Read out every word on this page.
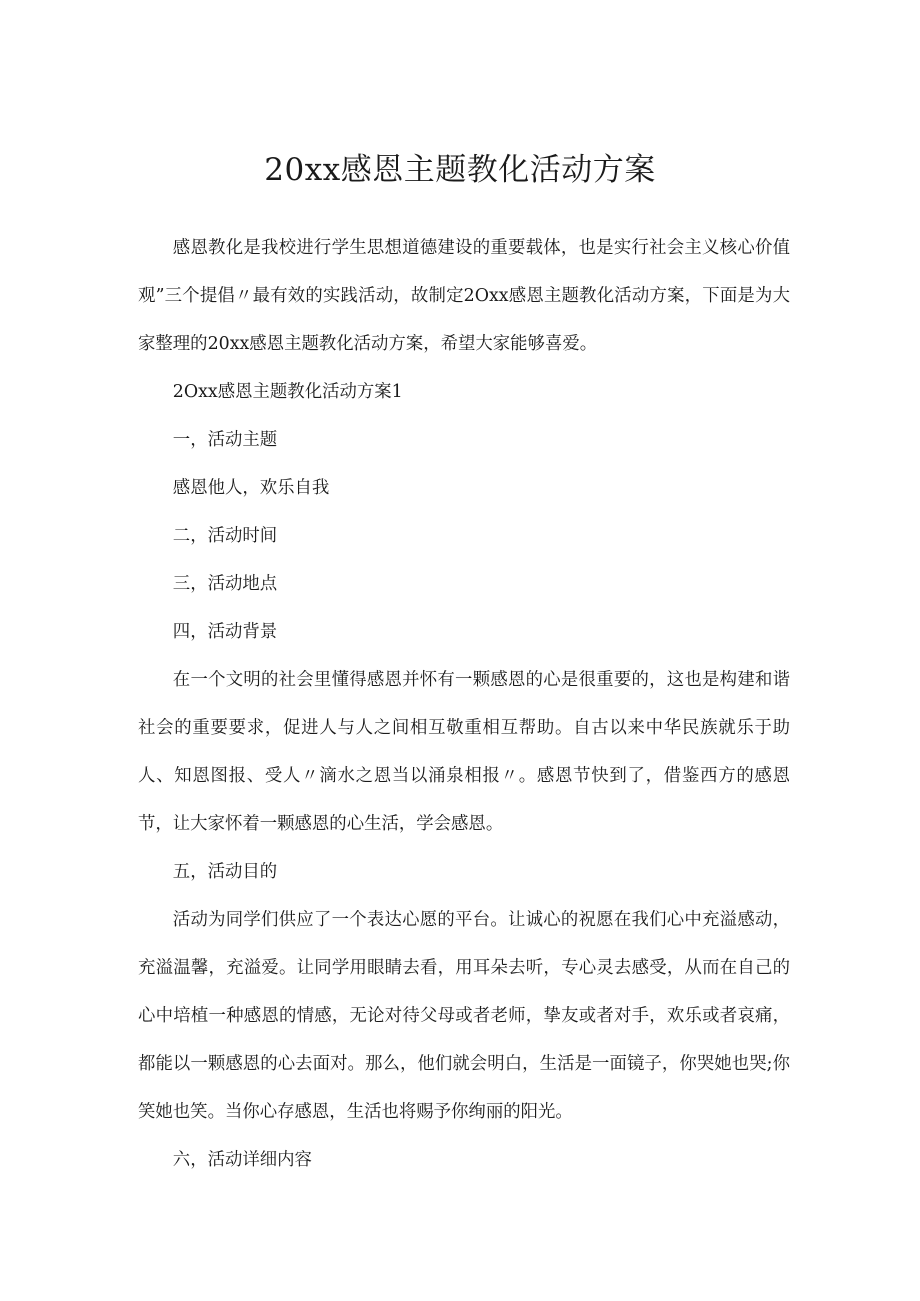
20xx感恩主题教化活动方案

感恩教化是我校进行学生思想道德建设的重要载体，也是实行社会主义核心价值观”三个提倡〃最有效的实践活动，故制定2Oxx感恩主题教化活动方案，下面是为大家整理的20xx感恩主题教化活动方案，希望大家能够喜爱。

2Oxx感恩主题教化活动方案1

一，活动主题

感恩他人，欢乐自我

二，活动时间

三，活动地点

四，活动背景

在一个文明的社会里懂得感恩并怀有一颗感恩的心是很重要的，这也是构建和谐社会的重要要求，促进人与人之间相互敬重相互帮助。自古以来中华民族就乐于助人、知恩图报、受人〃滴水之恩当以涌泉相报〃。感恩节快到了，借鉴西方的感恩节，让大家怀着一颗感恩的心生活，学会感恩。

五，活动目的

活动为同学们供应了一个表达心愿的平台。让诚心的祝愿在我们心中充溢感动，充溢温馨，充溢爱。让同学用眼睛去看，用耳朵去听，专心灵去感受，从而在自己的心中培植一种感恩的情感，无论对待父母或者老师，挚友或者对手，欢乐或者哀痛，都能以一颗感恩的心去面对。那么，他们就会明白，生活是一面镜子，你哭她也哭;你笑她也笑。当你心存感恩，生活也将赐予你绚丽的阳光。

六，活动详细内容
